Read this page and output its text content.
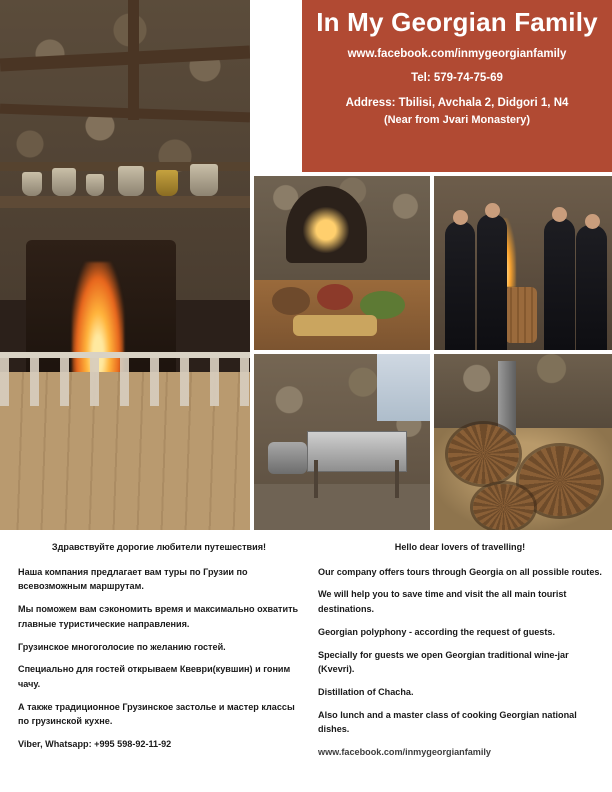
In My Georgian Family
www.facebook.com/inmygeorgianfamily
Tel: 579-74-75-69
Address: Tbilisi, Avchala 2, Didgori 1, N4
(Near from Jvari Monastery)

Здравствуйте дорогие любители путешествия!

Наша компания предлагает вам туры по Грузии по всевозможным маршрутам.

Мы поможем вам сэкономить время и максимально охватить главные туристические направления.

Грузинское многоголосие по желанию гостей.

Специально для гостей открываем Квеври(кувшин) и гоним чачу.

А также традиционное Грузинское застолье и мастер классы по грузинской кухне.

Viber, Whatsapp: +995 598-92-11-92

Hello dear lovers of travelling!

Our company offers tours through Georgia on all possible routes.

We will help you to save time and visit the all main tourist destinations.

Georgian polyphony - according the request of guests.

Specially for guests we open Georgian traditional wine-jar (Kvevri).

Distillation of Chacha.

Also lunch and a master class of cooking Georgian national dishes.

www.facebook.com/inmygeorgianfamily
